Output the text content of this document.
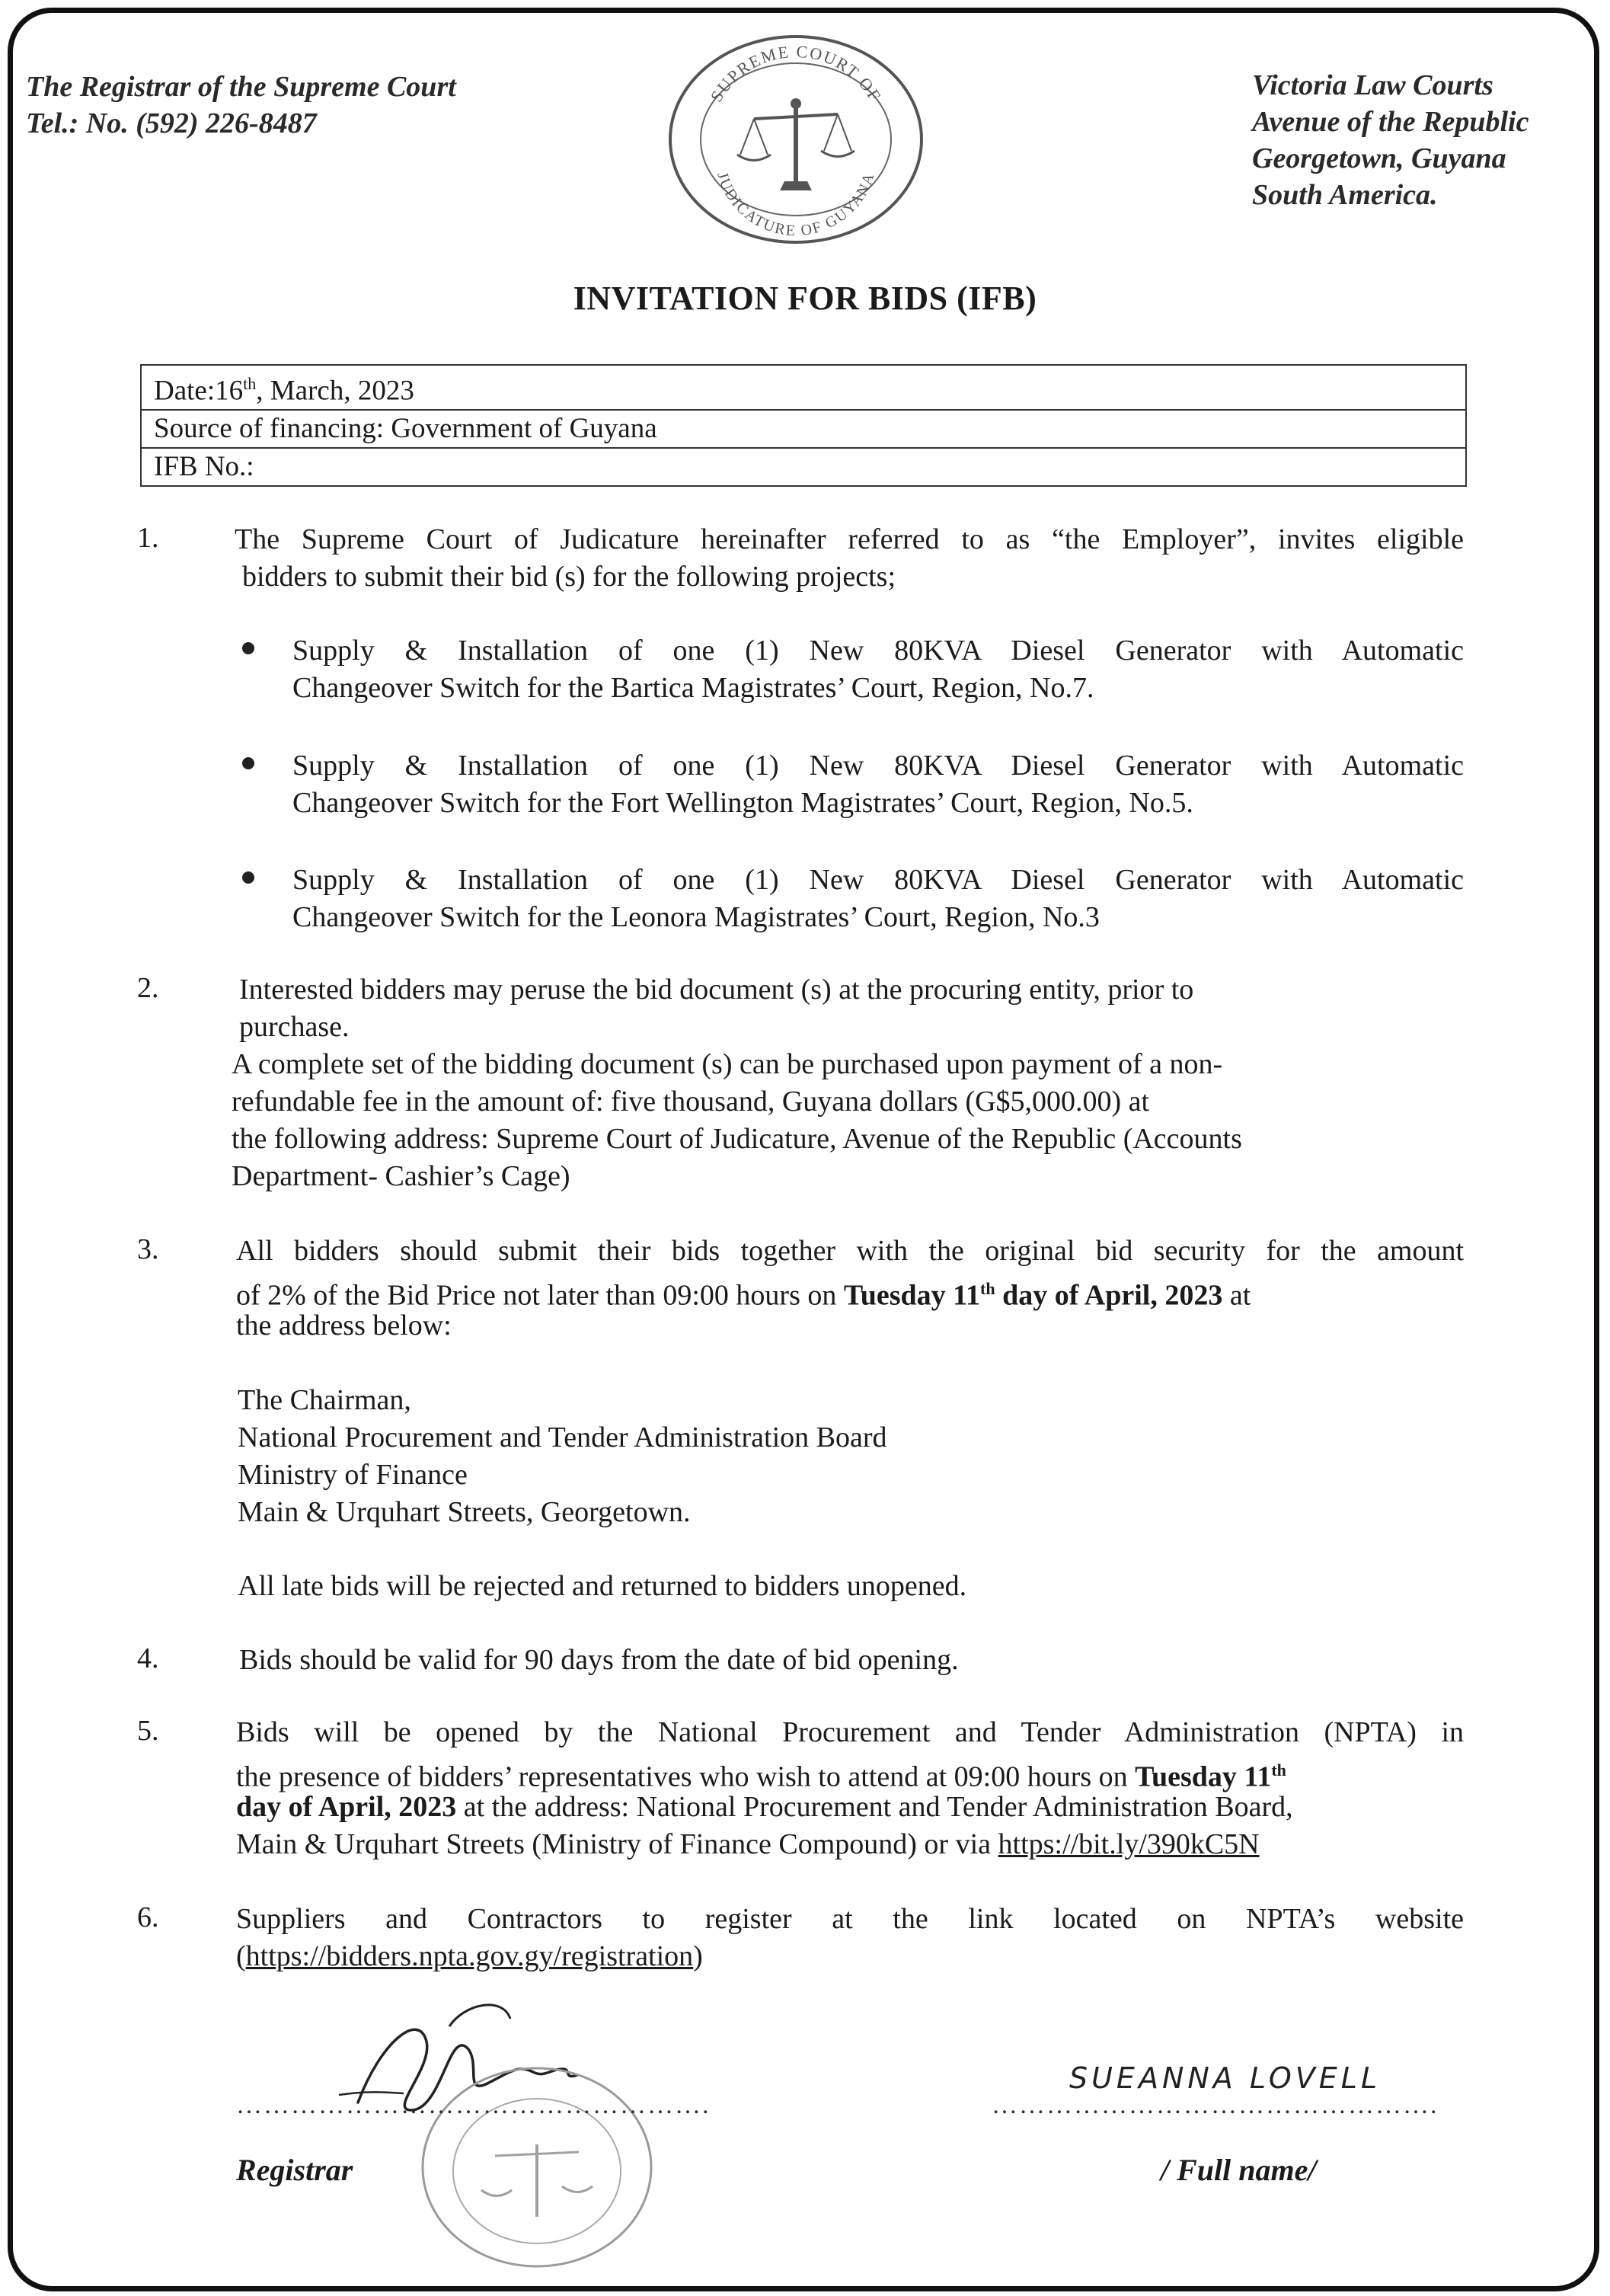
The Registrar of the Supreme Court
Tel.: No. (592) 226-8487
SUPREME COURT OF
JUDICATURE OF GUYANA
Victoria Law Courts
Avenue of the Republic
Georgetown, Guyana
South America.
INVITATION FOR BIDS (IFB)
Date:16th, March, 2023
Source of financing: Government of Guyana
IFB No.:
1.	The Supreme Court of Judicature hereinafter referred to as “the Employer”, invites eligible
bidders to submit their bid (s) for the following projects;
Supply & Installation of one (1) New 80KVA Diesel Generator with Automatic
Changeover Switch for the Bartica Magistrates’ Court, Region, No.7.
Supply & Installation of one (1) New 80KVA Diesel Generator with Automatic
Changeover Switch for the Fort Wellington Magistrates’ Court, Region, No.5.
Supply & Installation of one (1) New 80KVA Diesel Generator with Automatic
Changeover Switch for the Leonora Magistrates’ Court, Region, No.3
2.	Interested bidders may peruse the bid document (s) at the procuring entity, prior to
purchase.
A complete set of the bidding document (s) can be purchased upon payment of a non-
refundable fee in the amount of: five thousand, Guyana dollars (G$5,000.00) at
the following address: Supreme Court of Judicature, Avenue of the Republic (Accounts
Department- Cashier’s Cage)
3.	All bidders should submit their bids together with the original bid security for the amount
of 2% of the Bid Price not later than 09:00 hours on Tuesday 11th day of April, 2023 at
the address below:
The Chairman,
National Procurement and Tender Administration Board
Ministry of Finance
Main & Urquhart Streets, Georgetown.
All late bids will be rejected and returned to bidders unopened.
4.	Bids should be valid for 90 days from the date of bid opening.
5.	Bids will be opened by the National Procurement and Tender Administration (NPTA) in
the presence of bidders’ representatives who wish to attend at 09:00 hours on Tuesday 11th
day of April, 2023 at the address: National Procurement and Tender Administration Board,
Main & Urquhart Streets (Ministry of Finance Compound) or via https://bit.ly/390kC5N
6.	Suppliers and Contractors to register at the link located on NPTA’s website
(https://bidders.npta.gov.gy/registration)
…………………………………………….
Registrar
SUEANNA LOVELL
………………………………………….
/ Full name/
